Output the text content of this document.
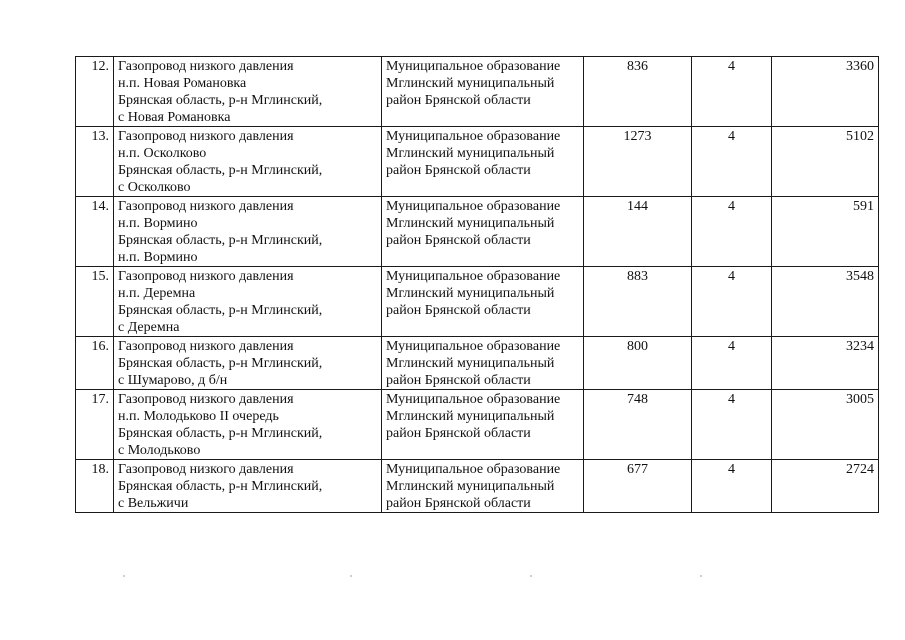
12.	Газопровод низкого давления
н.п. Новая Романовка
Брянская область, р-н Мглинский,
с Новая Романовка	Муниципальное образование
Мглинский муниципальный
район Брянской области	836	4	3360
13.	Газопровод низкого давления
н.п. Осколково
Брянская область, р-н Мглинский,
с Осколково	Муниципальное образование
Мглинский муниципальный
район Брянской области	1273	4	5102
14.	Газопровод низкого давления
н.п. Вормино
Брянская область, р-н Мглинский,
н.п. Вормино	Муниципальное образование
Мглинский муниципальный
район Брянской области	144	4	591
15.	Газопровод низкого давления
н.п. Деремна
Брянская область, р-н Мглинский,
с Деремна	Муниципальное образование
Мглинский муниципальный
район Брянской области	883	4	3548
16.	Газопровод низкого давления
Брянская область, р-н Мглинский,
с Шумарово, д б/н	Муниципальное образование
Мглинский муниципальный
район Брянской области	800	4	3234
17.	Газопровод низкого давления
н.п. Молодьково II очередь
Брянская область, р-н Мглинский,
с Молодьково	Муниципальное образование
Мглинский муниципальный
район Брянской области	748	4	3005
18.	Газопровод низкого давления
Брянская область, р-н Мглинский,
с Вельжичи	Муниципальное образование
Мглинский муниципальный
район Брянской области	677	4	2724
